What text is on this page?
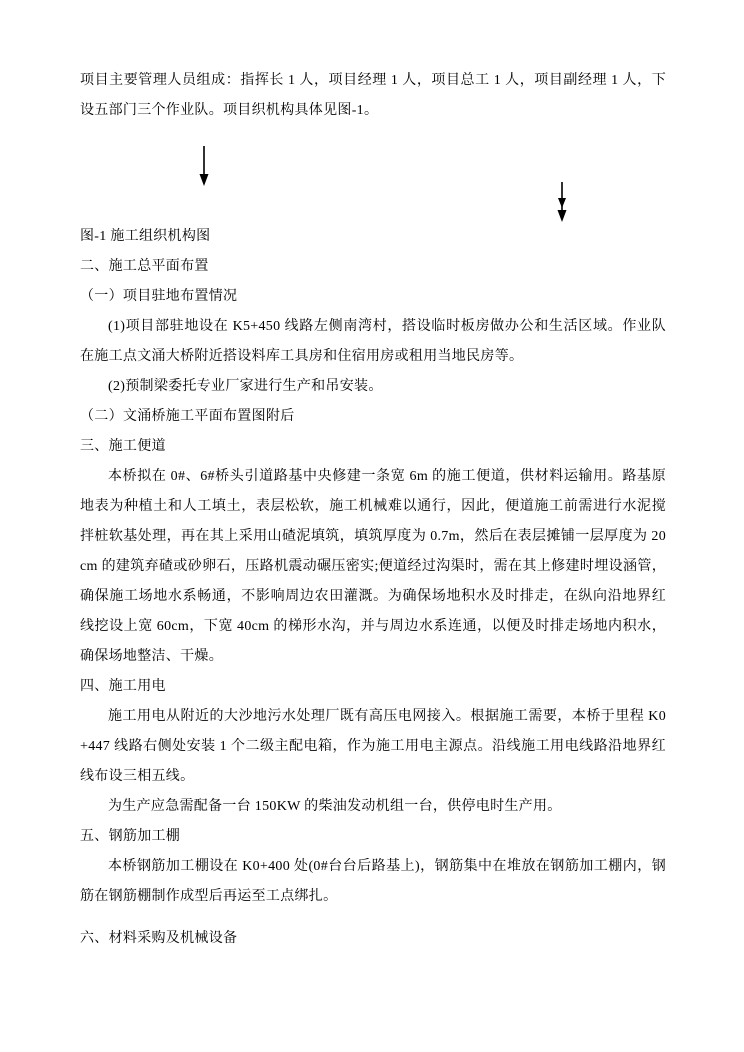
项目主要管理人员组成：指挥长 1 人，项目经理 1 人，项目总工 1 人，项目副经理 1 人，下设五部门三个作业队。项目织机构具体见图-1。

图-1 施工组织机构图

二、施工总平面布置

（一）项目驻地布置情况

(1)项目部驻地设在 K5+450 线路左侧南湾村，搭设临时板房做办公和生活区域。作业队在施工点文涌大桥附近搭设料库工具房和住宿用房或租用当地民房等。

(2)预制梁委托专业厂家进行生产和吊安装。

（二）文涌桥施工平面布置图附后

三、施工便道

本桥拟在 0#、6#桥头引道路基中央修建一条宽 6m 的施工便道，供材料运输用。路基原地表为种植土和人工填土，表层松软，施工机械难以通行，因此，便道施工前需进行水泥搅拌桩软基处理，再在其上采用山碴泥填筑，填筑厚度为 0.7m，然后在表层摊铺一层厚度为 20cm 的建筑弃碴或砂卵石，压路机震动碾压密实;便道经过沟渠时，需在其上修建时埋设涵管，确保施工场地水系畅通，不影响周边农田灌溉。为确保场地积水及时排走，在纵向沿地界红线挖设上宽 60cm，下宽 40cm 的梯形水沟，并与周边水系连通，以便及时排走场地内积水，确保场地整洁、干燥。

四、施工用电

施工用电从附近的大沙地污水处理厂既有高压电网接入。根据施工需要，本桥于里程 K0+447 线路右侧处安装 1 个二级主配电箱，作为施工用电主源点。沿线施工用电线路沿地界红线布设三相五线。

为生产应急需配备一台 150KW 的柴油发动机组一台，供停电时生产用。

五、钢筋加工棚

本桥钢筋加工棚设在 K0+400 处(0#台台后路基上)，钢筋集中在堆放在钢筋加工棚内，钢筋在钢筋棚制作成型后再运至工点绑扎。

六、材料采购及机械设备
